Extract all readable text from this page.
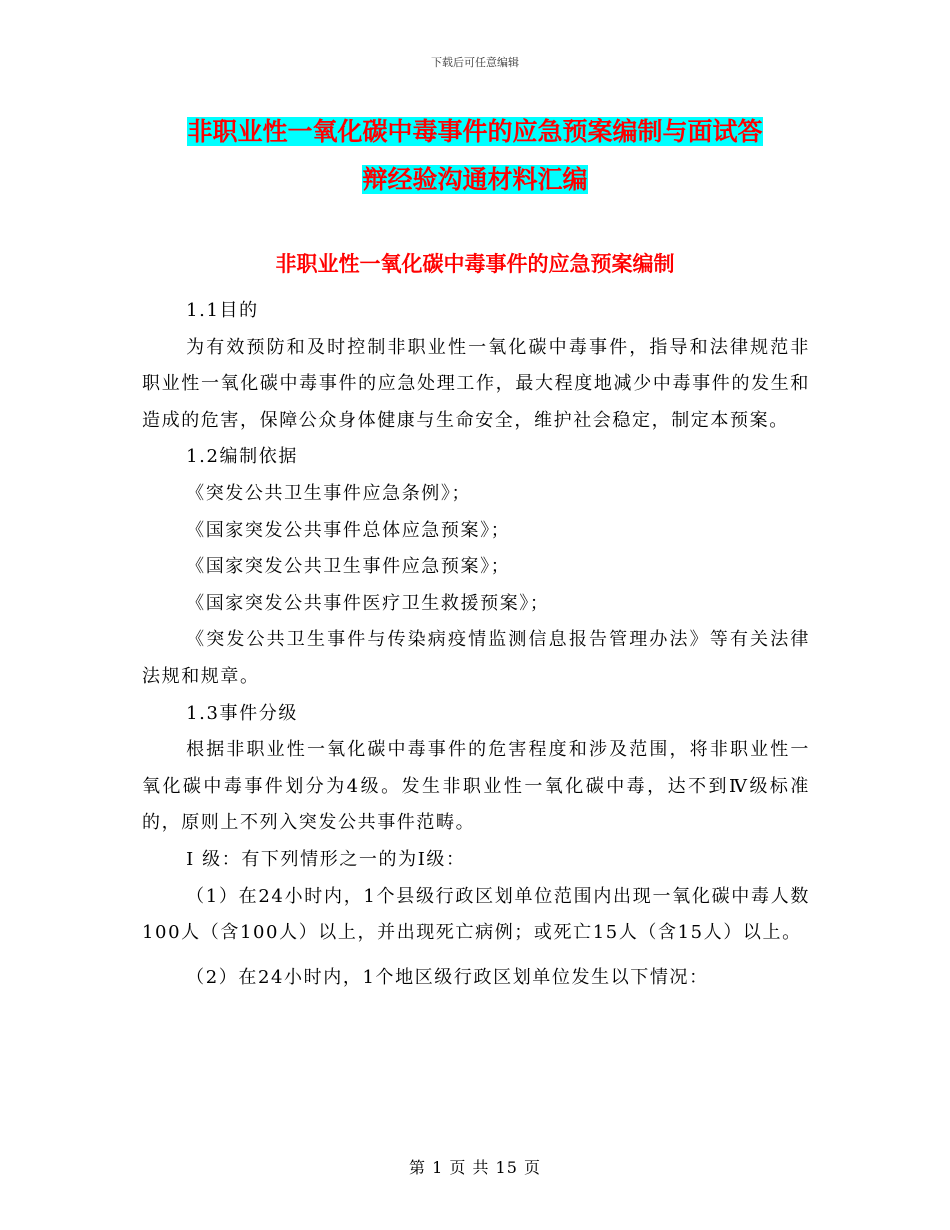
下载后可任意编辑
非职业性一氧化碳中毒事件的应急预案编制与面试答
辩经验沟通材料汇编
非职业性一氧化碳中毒事件的应急预案编制

1.1目的

为有效预防和及时控制非职业性一氧化碳中毒事件，指导和法律规范非职业性一氧化碳中毒事件的应急处理工作，最大程度地减少中毒事件的发生和造成的危害，保障公众身体健康与生命安全，维护社会稳定，制定本预案。

1.2编制依据

《突发公共卫生事件应急条例》；

《国家突发公共事件总体应急预案》；

《国家突发公共卫生事件应急预案》；

《国家突发公共事件医疗卫生救援预案》；

《突发公共卫生事件与传染病疫情监测信息报告管理办法》等有关法律法规和规章。

1.3事件分级

根据非职业性一氧化碳中毒事件的危害程度和涉及范围，将非职业性一氧化碳中毒事件划分为4级。发生非职业性一氧化碳中毒，达不到Ⅳ级标准的，原则上不列入突发公共事件范畴。

Ⅰ 级：有下列情形之一的为Ⅰ级：

（1）在24小时内，1个县级行政区划单位范围内出现一氧化碳中毒人数100人（含100人）以上，并出现死亡病例；或死亡15人（含15人）以上。

（2）在24小时内，1个地区级行政区划单位发生以下情况：

第 1 页 共 15 页
